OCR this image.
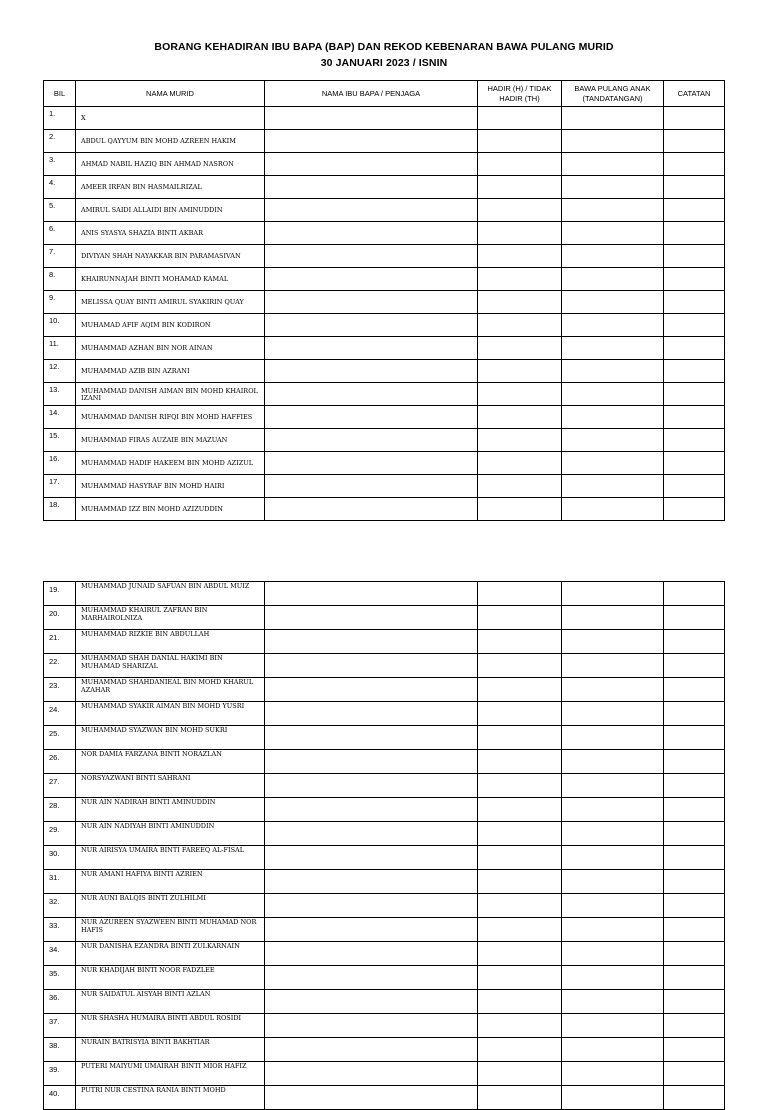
BORANG KEHADIRAN IBU BAPA (BAP) DAN REKOD KEBENARAN BAWA PULANG MURID
30 JANUARI 2023 / ISNIN
BIL	NAMA MURID	NAMA IBU BAPA / PENJAGA	HADIR (H) / TIDAK HADIR (TH)	BAWA PULANG ANAK (TANDATANGAN)	CATATAN
1.	X				
2.	ABDUL QAYYUM BIN MOHD AZREEN HAKIM				
3.	AHMAD NABIL HAZIQ BIN AHMAD NASRON				
4.	AMEER IRFAN BIN HASMAILRIZAL				
5.	AMIRUL SAIDI ALLAIDI BIN AMINUDDIN				
6.	ANIS SYASYA SHAZIA BINTI AKBAR				
7.	DIVIYAN SHAH NAYAKKAR BIN PARAMASIVAN				
8.	KHAIRUNNAJAH BINTI MOHAMAD KAMAL				
9.	MELISSA QUAY BINTI AMIRUL SYAKIRIN QUAY				
10.	MUHAMAD AFIF AQIM BIN KODIRON				
11.	MUHAMMAD AZHAN BIN NOR AINAN				
12.	MUHAMMAD AZIB BIN AZRANI				
13.	MUHAMMAD DANISH AIMAN BIN MOHD KHAIROL IZANI				
14.	MUHAMMAD DANISH RIFQI BIN MOHD HAFFIES				
15.	MUHAMMAD FIRAS AUZAIE BIN MAZUAN				
16.	MUHAMMAD HADIF HAKEEM BIN MOHD AZIZUL				
17.	MUHAMMAD HASYRAF BIN MOHD HAIRI				
18.	MUHAMMAD IZZ BIN MOHD AZIZUDDIN				
19.	MUHAMMAD JUNAID SAFUAN BIN ABDUL MUIZ				
20.	MUHAMMAD KHAIRUL ZAFRAN BIN MARHAIROLNIZA				
21.	MUHAMMAD RIZKIE BIN ABDULLAH				
22.	MUHAMMAD SHAH DANIAL HAKIMI BIN MUHAMAD SHARIZAL				
23.	MUHAMMAD SHAHDANIEAL BIN MOHD KHARUL AZAHAR				
24.	MUHAMMAD SYAKIR AIMAN BIN MOHD YUSRI				
25.	MUHAMMAD SYAZWAN BIN MOHD SUKRI				
26.	NOR DAMIA FARZANA BINTI NORAZLAN				
27.	NORSYAZWANI BINTI SAHRANI				
28.	NUR AIN NADIRAH BINTI AMINUDDIN				
29.	NUR AIN NADIYAH BINTI AMINUDDIN				
30.	NUR AIRISYA UMAIRA BINTI FAREEQ AL-FISAL				
31.	NUR AMANI HAFIYA BINTI AZRIEN				
32.	NUR AUNI BALQIS BINTI ZULHILMI				
33.	NUR AZUREEN SYAZWEEN BINTI MUHAMAD NOR HAFIS				
34.	NUR DANISHA EZANDRA BINTI ZULKARNAIN				
35.	NUR KHADIJAH BINTI NOOR FADZLEE				
36.	NUR SAIDATUL AISYAH BINTI AZLAN				
37.	NUR SHASHA HUMAIRA BINTI ABDUL ROSIDI				
38.	NURAIN BATRISYIA BINTI BAKHTIAR				
39.	PUTERI MAIYUMI UMAIRAH BINTI MIOR HAFIZ				
40.	PUTRI NUR CESTINA RANIA BINTI MOHD				
